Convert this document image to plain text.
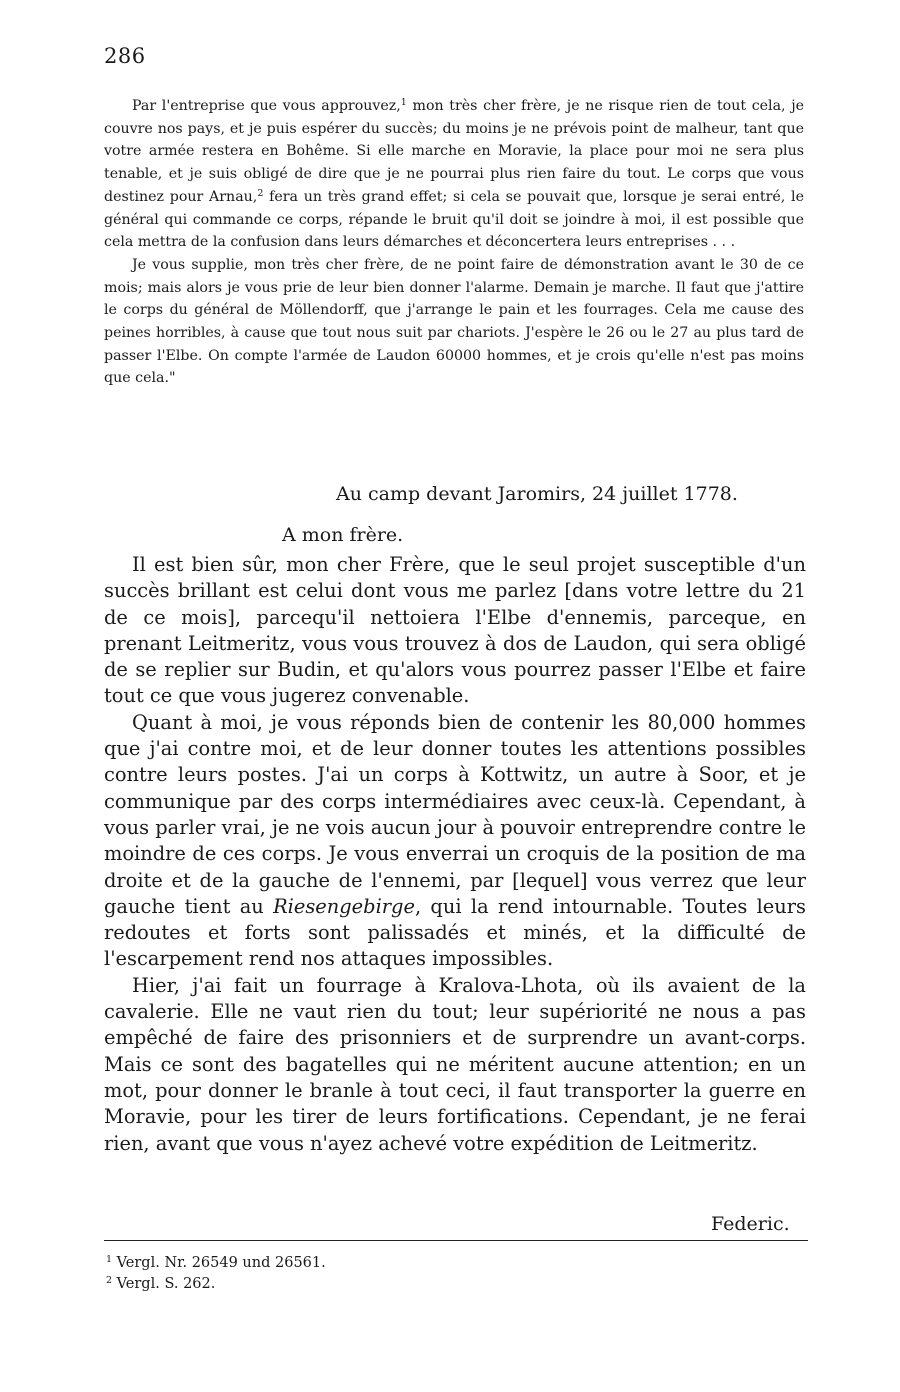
286

Par l'entreprise que vous approuvez,$^1$ mon très cher frère, je ne risque rien de tout cela, je couvre nos pays, et je puis espérer du succès; du moins je ne prévois point de malheur, tant que votre armée restera en Bohême. Si elle marche en Moravie, la place pour moi ne sera plus tenable, et je suis obligé de dire que je ne pourrai plus rien faire du tout. Le corps que vous destinez pour Arnau,$^2$ fera un très grand effet; si cela se pouvait que, lorsque je serai entré, le général qui commande ce corps, répande le bruit qu'il doit se joindre à moi, il est possible que cela mettra de la confusion dans leurs démarches et déconcertera leurs entreprises . . .

Je vous supplie, mon très cher frère, de ne point faire de démonstration avant le 30 de ce mois; mais alors je vous prie de leur bien donner l'alarme. Demain je marche. Il faut que j'attire le corps du général de Möllendorff, que j'arrange le pain et les fourrages. Cela me cause des peines horribles, à cause que tout nous suit par chariots. J'espère le 26 ou le 27 au plus tard de passer l'Elbe. On compte l'armée de Laudon 60000 hommes, et je crois qu'elle n'est pas moins que cela."

Au camp devant Jaromirs, 24 juillet 1778.
A mon frère.

Il est bien sûr, mon cher Frère, que le seul projet susceptible d'un succès brillant est celui dont vous me parlez [dans votre lettre du 21 de ce mois], parcequ'il nettoiera l'Elbe d'ennemis, parceque, en prenant Leitmeritz, vous vous trouvez à dos de Laudon, qui sera obligé de se replier sur Budin, et qu'alors vous pourrez passer l'Elbe et faire tout ce que vous jugerez convenable.

Quant à moi, je vous réponds bien de contenir les 80,000 hommes que j'ai contre moi, et de leur donner toutes les attentions possibles contre leurs postes. J'ai un corps à Kottwitz, un autre à Soor, et je communique par des corps intermédiaires avec ceux-là. Cependant, à vous parler vrai, je ne vois aucun jour à pouvoir entreprendre contre le moindre de ces corps. Je vous enverrai un croquis de la position de ma droite et de la gauche de l'ennemi, par [lequel] vous verrez que leur gauche tient au Riesengebirge, qui la rend intournable. Toutes leurs redoutes et forts sont palissadés et minés, et la difficulté de l'escarpement rend nos attaques impossibles.

Hier, j'ai fait un fourrage à Kralova-Lhota, où ils avaient de la cavalerie. Elle ne vaut rien du tout; leur supériorité ne nous a pas empêché de faire des prisonniers et de surprendre un avant-corps. Mais ce sont des bagatelles qui ne méritent aucune attention; en un mot, pour donner le branle à tout ceci, il faut transporter la guerre en Moravie, pour les tirer de leurs fortifications. Cependant, je ne ferai rien, avant que vous n'ayez achevé votre expédition de Leitmeritz.

Federic.
$^1$ Vergl. Nr. 26549 und 26561.
$^2$ Vergl. S. 262.
